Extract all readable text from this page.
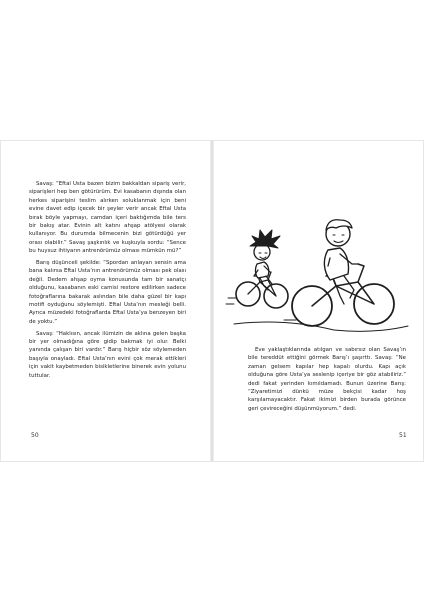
Savaş: “Eftal Usta bazen bizim bakkaldan sipariş verir, siparişleri hep ben götürürüm. Evi kasabanın dışında olan herkes siparişini teslim alırken soluklanmak için beni evine davet edip içecek bir şeyler verir ancak Eftal Usta bırak böyle yapmayı, camdan içeri baktığımda bile ters bir bakış atar. Evinin alt katını ahşap atölyesi olarak kullanıyor. Bu durumda bilmecenin bizi götürdüğü yer orası olabilir.” Savaş şaşkınlık ve kuşkuyla sordu: “Sence bu huysuz ihtiyarın antrenörümüz olması mümkün mü?”

Barış düşünceli şekilde: “Spordan anlayan sensin ama bana kalırsa Eftal Usta’nın antrenörümüz olması pek olası değil. Dedem ahşap oyma konusunda tam bir sanatçı olduğunu, kasabanın eski camisi restore edilirken sadece fotoğraflarına bakarak aslından bile daha güzel bir kapı motifi oyduğunu söylemişti. Eftal Usta’nın mesleği belli. Ayrıca müzedeki fotoğraflarda Eftal Usta’ya benzeyen biri de yoktu.”

Savaş: “Haklısın, ancak ilümizin de aklına gelen başka bir yer olmadığına göre gidip bakmak iyi olur. Belki yanında çalışan biri vardır.” Barış hiçbir söz söylemeden başıyla onayladı. Eftal Usta’nın evini çok merak ettikleri için vakit kaybetmeden bisikletlerine binerek evin yolunu tuttular.

50

Eve yaklaştıklarında atılgan ve sabırsız olan Savaş’ın bile tereddüt ettiğini görmek Barış’ı şaşırttı. Savaş: “Ne zaman gelsem kapılar hep kapalı olurdu. Kapı açık olduğuna göre Usta’ya seslenip içeriye bir göz atabiliriz.” dedi fakat yerinden kımıldamadı. Bunun üzerine Barış: “Ziyaretimizi dünkü müze bekçisi kadar hoş karşılamayacaktır. Fakat ikimizi birden burada görünce geri çevireceğini düşünmüyorum.” dedi.

51
